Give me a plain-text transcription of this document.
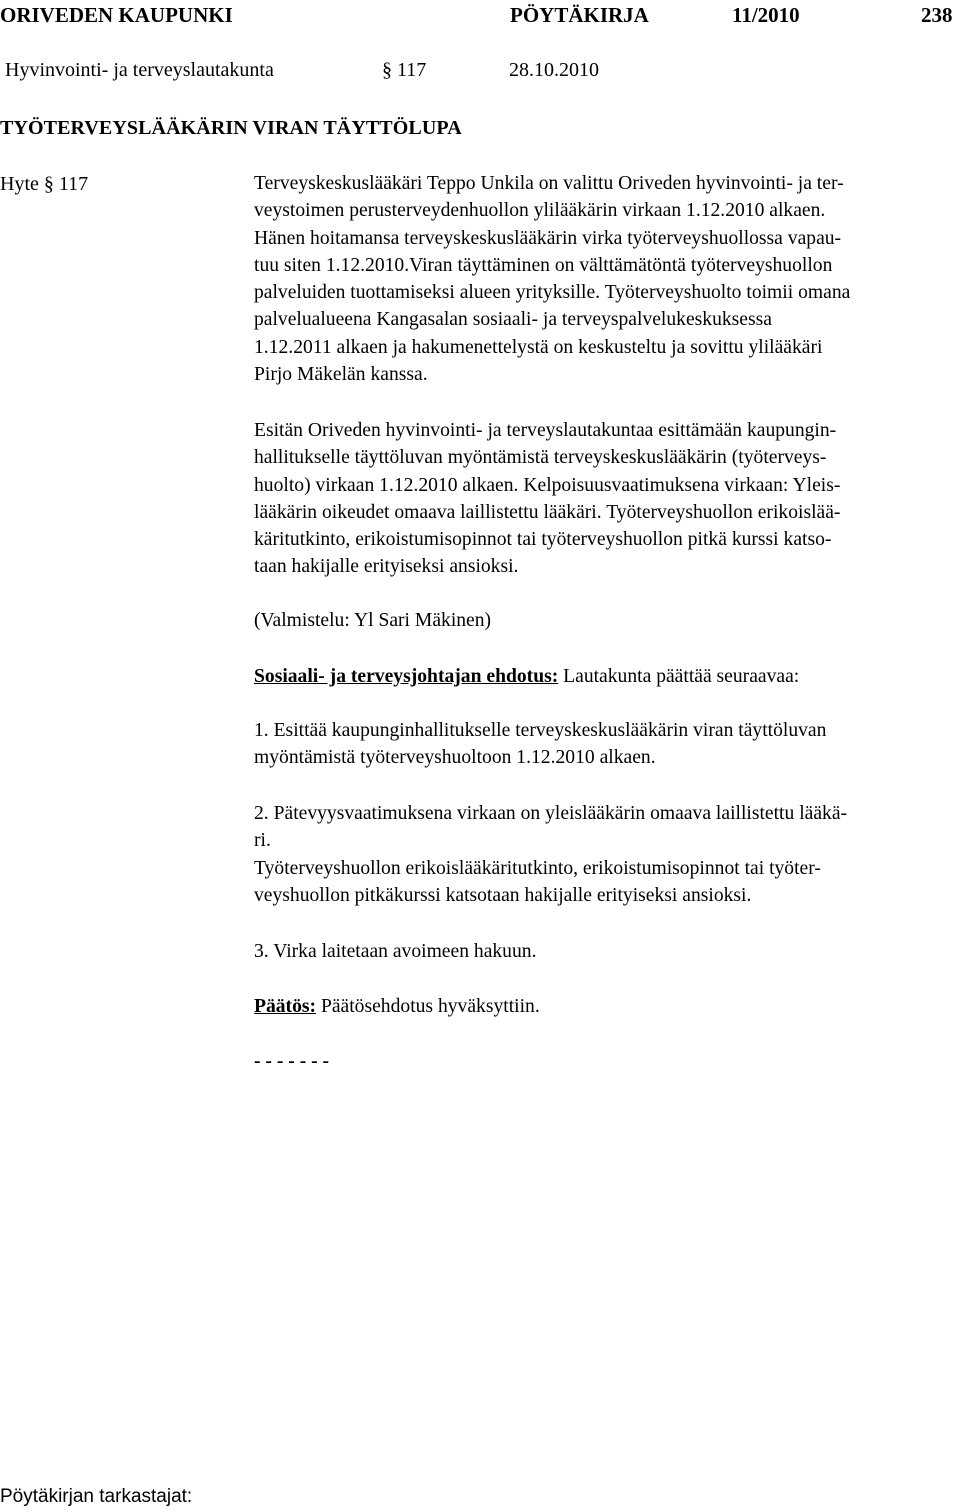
ORIVEDEN KAUPUNKI	PÖYTÄKIRJA	11/2010	238
Hyvinvointi- ja terveyslautakunta	§ 117	28.10.2010
TYÖTERVEYSLÄÄKÄRIN VIRAN TÄYTTÖLUPA
Hyte § 117	Terveyskeskuslääkäri Teppo Unkila on valittu Oriveden hyvinvointi- ja ter-

veystoimen perusterveydenhuollon ylilääkärin virkaan 1.12.2010 alkaen.

Hänen hoitamansa terveyskeskuslääkärin virka työterveyshuollossa vapau-

tuu siten 1.12.2010.Viran täyttäminen on välttämätöntä työterveyshuollon

palveluiden tuottamiseksi alueen yrityksille. Työterveyshuolto toimii omana

palvelualueena Kangasalan sosiaali- ja terveyspalvelukeskuksessa

1.12.2011 alkaen ja hakumenettelystä on keskusteltu ja sovittu ylilääkäri

Pirjo Mäkelän kanssa.

Esitän Oriveden hyvinvointi- ja terveyslautakuntaa esittämään kaupungin-

hallitukselle täyttöluvan myöntämistä terveyskeskuslääkärin (työterveys-

huolto) virkaan 1.12.2010 alkaen. Kelpoisuusvaatimuksena virkaan: Yleis-

lääkärin oikeudet omaava laillistettu lääkäri. Työterveyshuollon erikoislää-

käritutkinto, erikoistumisopinnot tai työterveyshuollon pitkä kurssi katso-

taan hakijalle erityiseksi ansioksi.

(Valmistelu: Yl Sari Mäkinen)

Sosiaali- ja terveysjohtajan ehdotus: Lautakunta päättää seuraavaa:

1. Esittää kaupunginhallitukselle terveyskeskuslääkärin viran täyttöluvan

myöntämistä työterveyshuoltoon 1.12.2010 alkaen.

2. Pätevyysvaatimuksena virkaan on yleislääkärin omaava laillistettu lääkä-

ri.

Työterveyshuollon erikoislääkäritutkinto, erikoistumisopinnot tai työter-

veyshuollon pitkäkurssi katsotaan hakijalle erityiseksi ansioksi.

3. Virka laitetaan avoimeen hakuun.

Päätös: Päätösehdotus hyväksyttiin.

- - - - - - -

Pöytäkirjan tarkastajat:
